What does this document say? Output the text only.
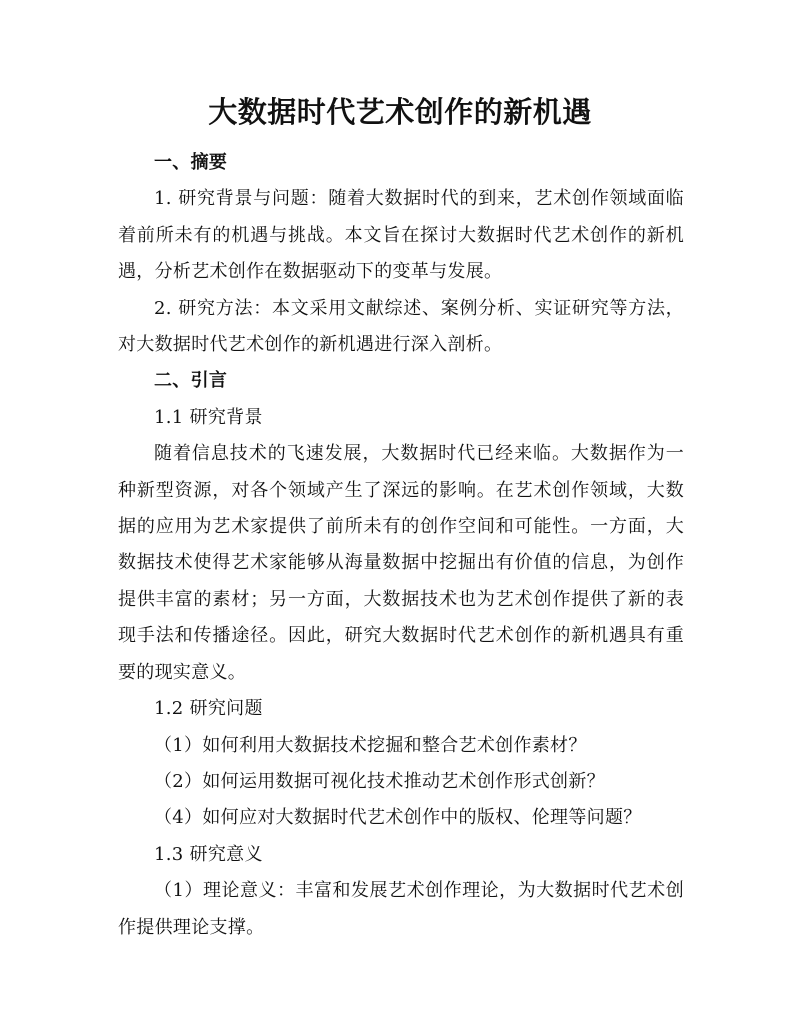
大数据时代艺术创作的新机遇

一、摘要

1. 研究背景与问题：随着大数据时代的到来，艺术创作领域面临着前所未有的机遇与挑战。本文旨在探讨大数据时代艺术创作的新机遇，分析艺术创作在数据驱动下的变革与发展。

2. 研究方法：本文采用文献综述、案例分析、实证研究等方法，对大数据时代艺术创作的新机遇进行深入剖析。

二、引言

1.1 研究背景

随着信息技术的飞速发展，大数据时代已经来临。大数据作为一种新型资源，对各个领域产生了深远的影响。在艺术创作领域，大数据的应用为艺术家提供了前所未有的创作空间和可能性。一方面，大数据技术使得艺术家能够从海量数据中挖掘出有价值的信息，为创作提供丰富的素材；另一方面，大数据技术也为艺术创作提供了新的表现手法和传播途径。因此，研究大数据时代艺术创作的新机遇具有重要的现实意义。

1.2 研究问题

（1）如何利用大数据技术挖掘和整合艺术创作素材？

（2）如何运用数据可视化技术推动艺术创作形式创新？

（4）如何应对大数据时代艺术创作中的版权、伦理等问题？

1.3 研究意义

（1）理论意义：丰富和发展艺术创作理论，为大数据时代艺术创作提供理论支撑。
